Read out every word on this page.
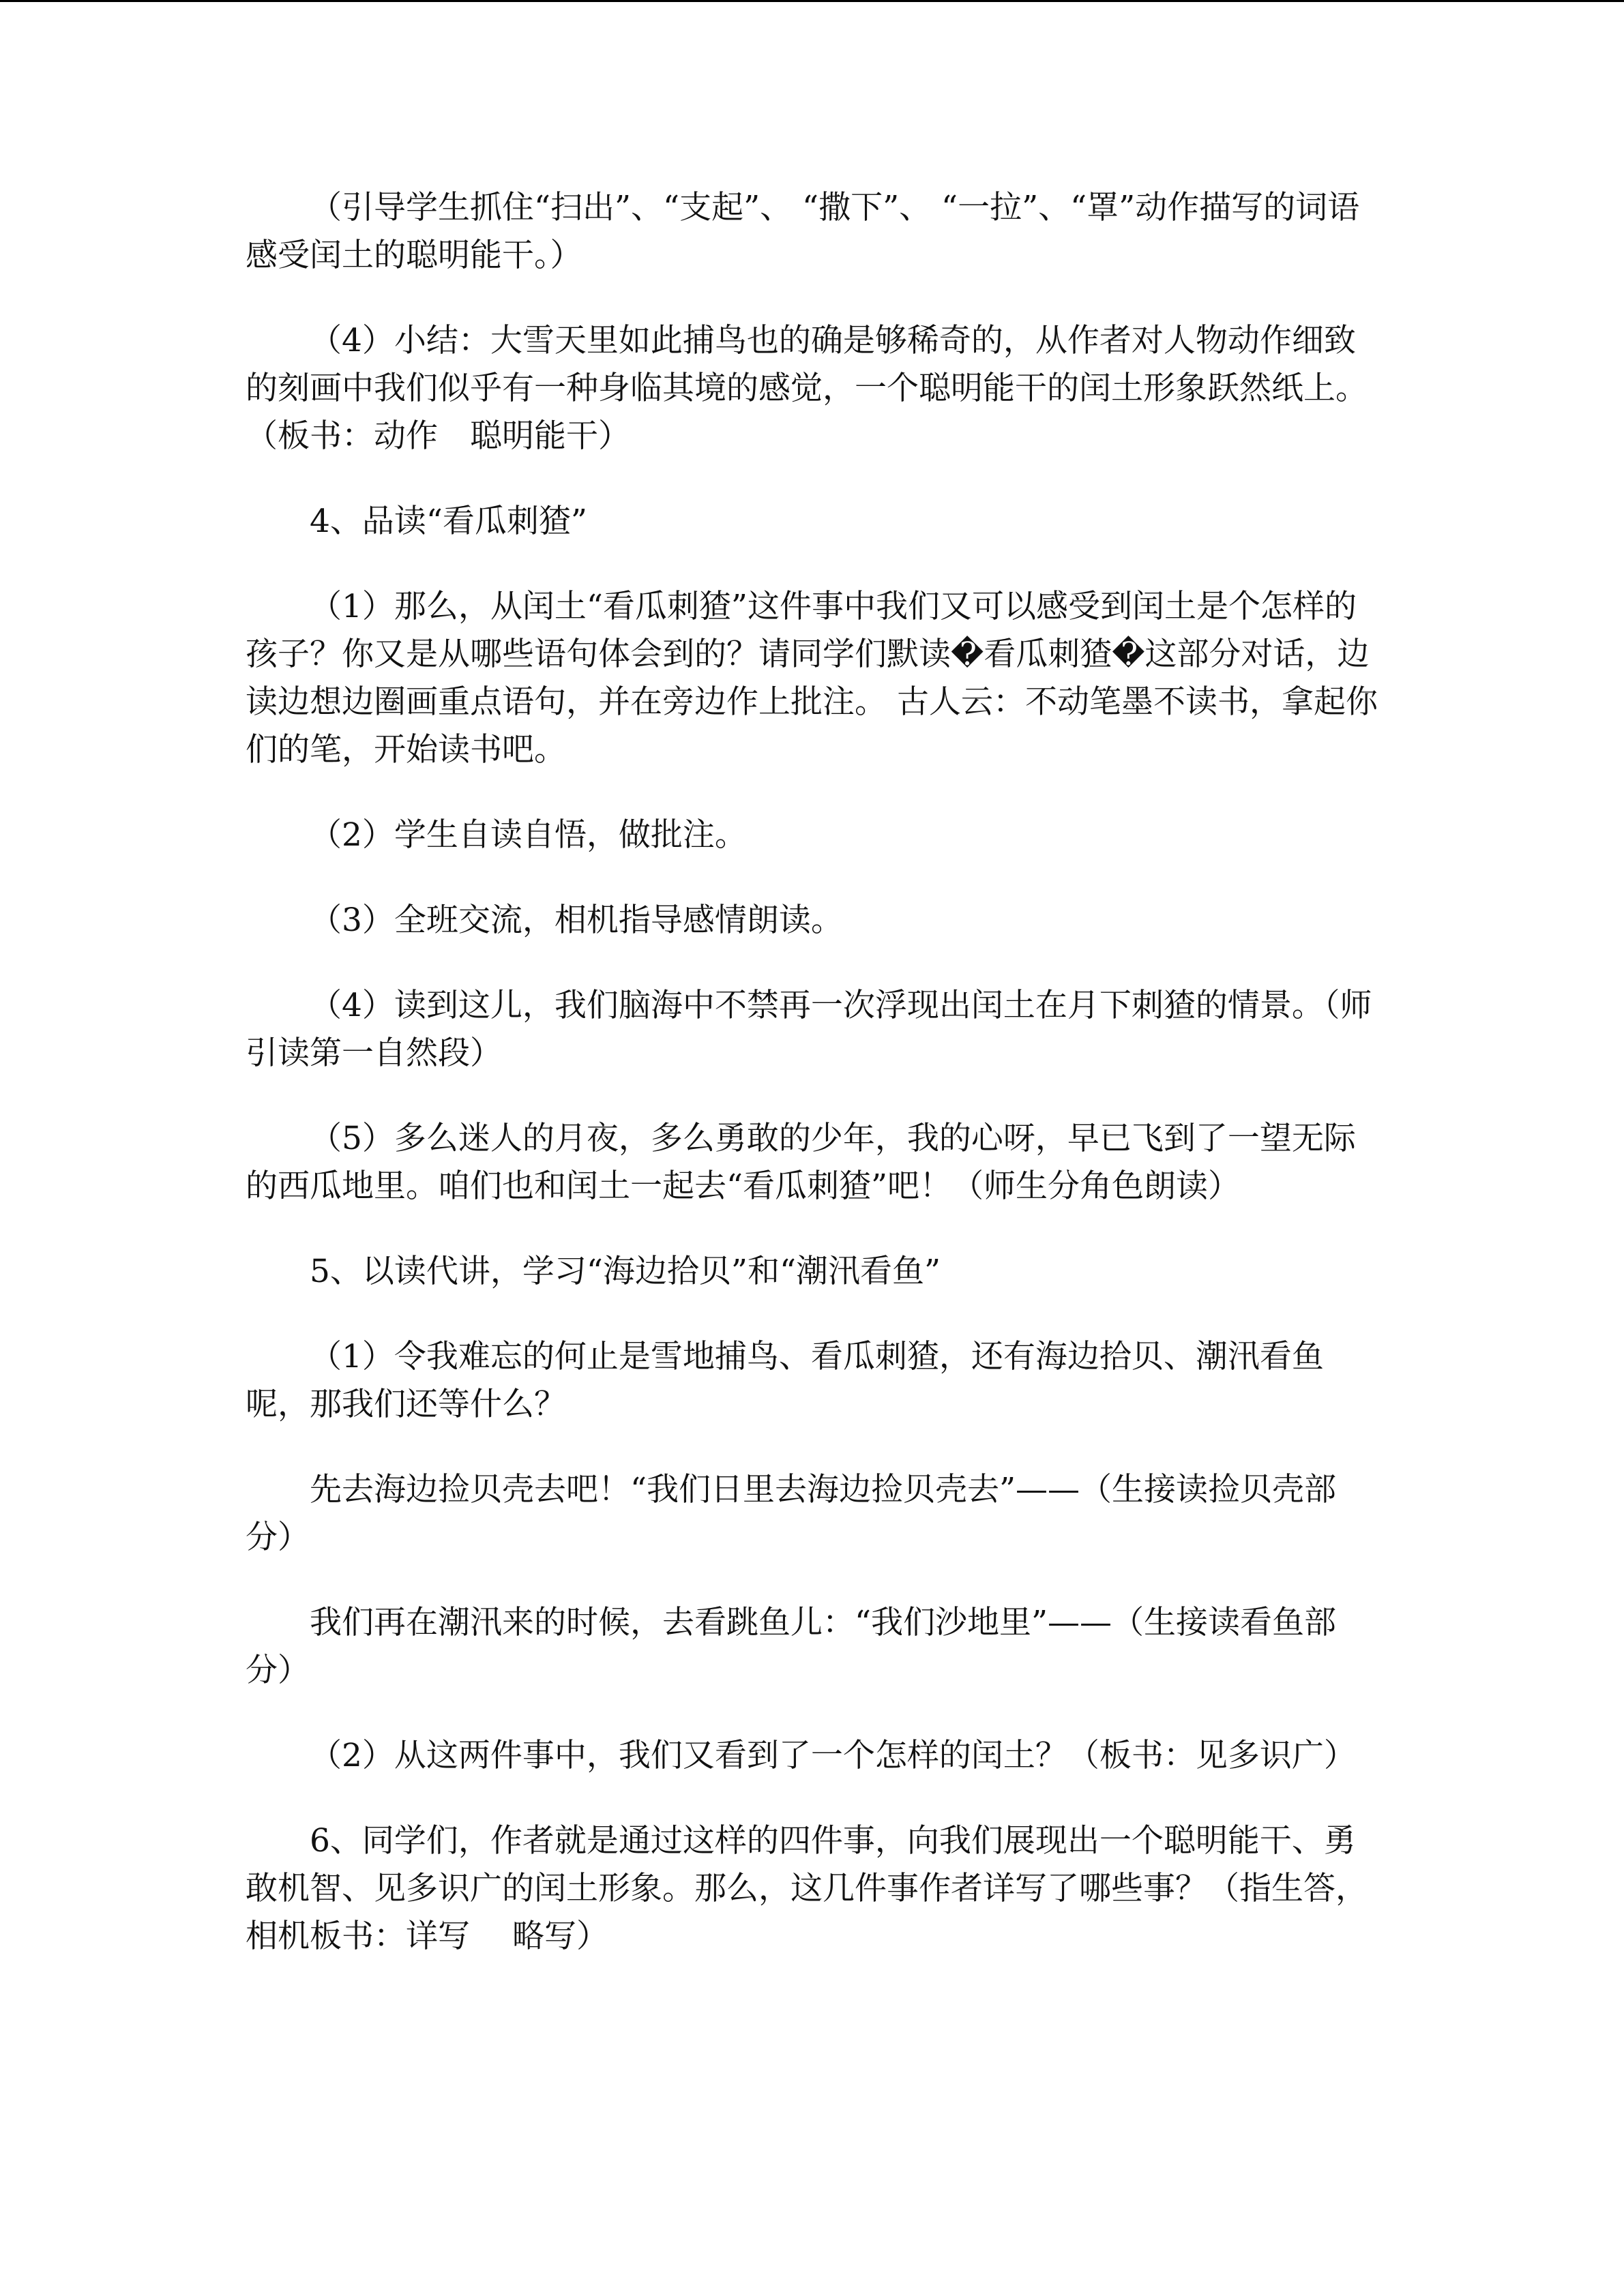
（引导学生抓住“扫出”、“支起”、 “撒下”、 “一拉”、“罩”动作描写的词语感受闰土的聪明能干。）

（4）小结：大雪天里如此捕鸟也的确是够稀奇的，从作者对人物动作细致的刻画中我们似乎有一种身临其境的感觉，一个聪明能干的闰土形象跃然纸上。（板书：动作　聪明能干）

4、品读“看瓜刺猹”

（1）那么，从闰土“看瓜刺猹”这件事中我们又可以感受到闰土是个怎样的孩子？你又是从哪些语句体会到的？请同学们默读�看瓜刺猹�这部分对话，边读边想边圈画重点语句，并在旁边作上批注。 古人云：不动笔墨不读书，拿起你们的笔，开始读书吧。

（2）学生自读自悟，做批注。

（3）全班交流，相机指导感情朗读。

（4）读到这儿，我们脑海中不禁再一次浮现出闰土在月下刺猹的情景。（师引读第一自然段）

（5）多么迷人的月夜，多么勇敢的少年，我的心呀，早已飞到了一望无际的西瓜地里。咱们也和闰土一起去“看瓜刺猹”吧！（师生分角色朗读）

5、以读代讲，学习“海边拾贝”和“潮汛看鱼”

（1）令我难忘的何止是雪地捕鸟、看瓜刺猹，还有海边拾贝、潮汛看鱼呢，那我们还等什么？

先去海边捡贝壳去吧！“我们日里去海边捡贝壳去”——（生接读捡贝壳部分）

我们再在潮汛来的时候，去看跳鱼儿：“我们沙地里”——（生接读看鱼部分）

（2）从这两件事中，我们又看到了一个怎样的闰土？（板书：见多识广）

6、同学们，作者就是通过这样的四件事，向我们展现出一个聪明能干、勇敢机智、见多识广的闰土形象。那么，这几件事作者详写了哪些事？（指生答，相机板书：详写　 略写）
